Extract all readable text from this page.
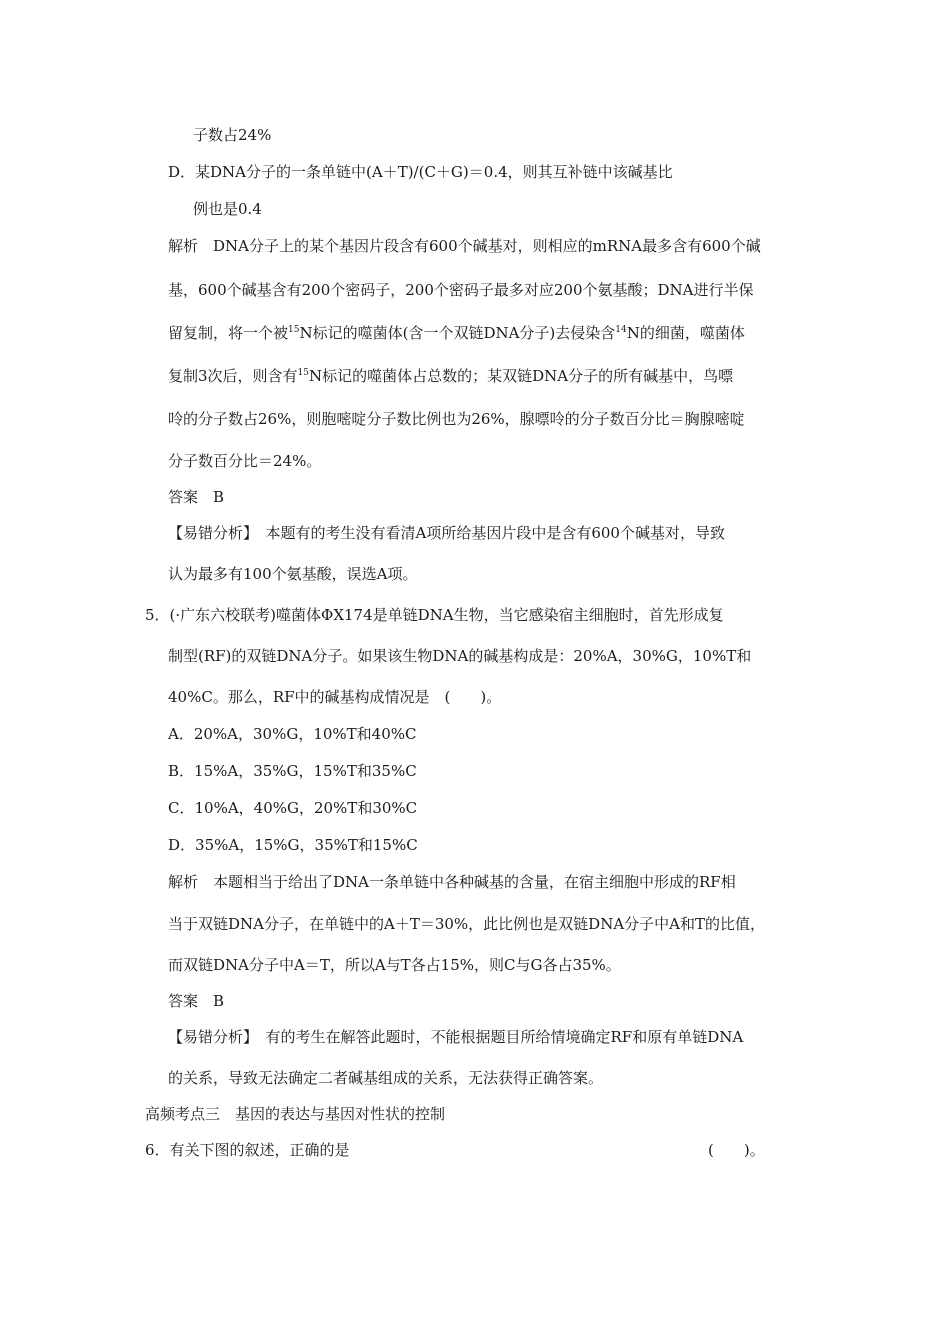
子数占24%
D．某DNA分子的一条单链中(A＋T)/(C＋G)＝0.4，则其互补链中该碱基比
例也是0.4
解析　DNA分子上的某个基因片段含有600个碱基对，则相应的mRNA最多含有600个碱
基，600个碱基含有200个密码子，200个密码子最多对应200个氨基酸；DNA进行半保
留复制，将一个被$^{15}$N标记的噬菌体(含一个双链DNA分子)去侵染含$^{14}$N的细菌，噬菌体
复制3次后，则含有$^{15}$N标记的噬菌体占总数的；某双链DNA分子的所有碱基中，鸟嘌
呤的分子数占26%，则胞嘧啶分子数比例也为26%，腺嘌呤的分子数百分比＝胸腺嘧啶
分子数百分比＝24%。
答案　B
【易错分析】　本题有的考生没有看清A项所给基因片段中是含有600个碱基对，导致
认为最多有100个氨基酸，误选A项。
5．(·广东六校联考)噬菌体ΦX174是单链DNA生物，当它感染宿主细胞时，首先形成复
制型(RF)的双链DNA分子。如果该生物DNA的碱基构成是：20%A，30%G，10%T和
40%C。那么，RF中的碱基构成情况是　(　　)。
A．20%A，30%G，10%T和40%C
B．15%A，35%G，15%T和35%C
C．10%A，40%G，20%T和30%C
D．35%A，15%G，35%T和15%C
解析　本题相当于给出了DNA一条单链中各种碱基的含量，在宿主细胞中形成的RF相
当于双链DNA分子，在单链中的A＋T＝30%，此比例也是双链DNA分子中A和T的比值，
而双链DNA分子中A＝T，所以A与T各占15%，则C与G各占35%。
答案　B
【易错分析】　有的考生在解答此题时，不能根据题目所给情境确定RF和原有单链DNA
的关系，导致无法确定二者碱基组成的关系，无法获得正确答案。
高频考点三　基因的表达与基因对性状的控制
6．有关下图的叙述，正确的是	(　　)。
